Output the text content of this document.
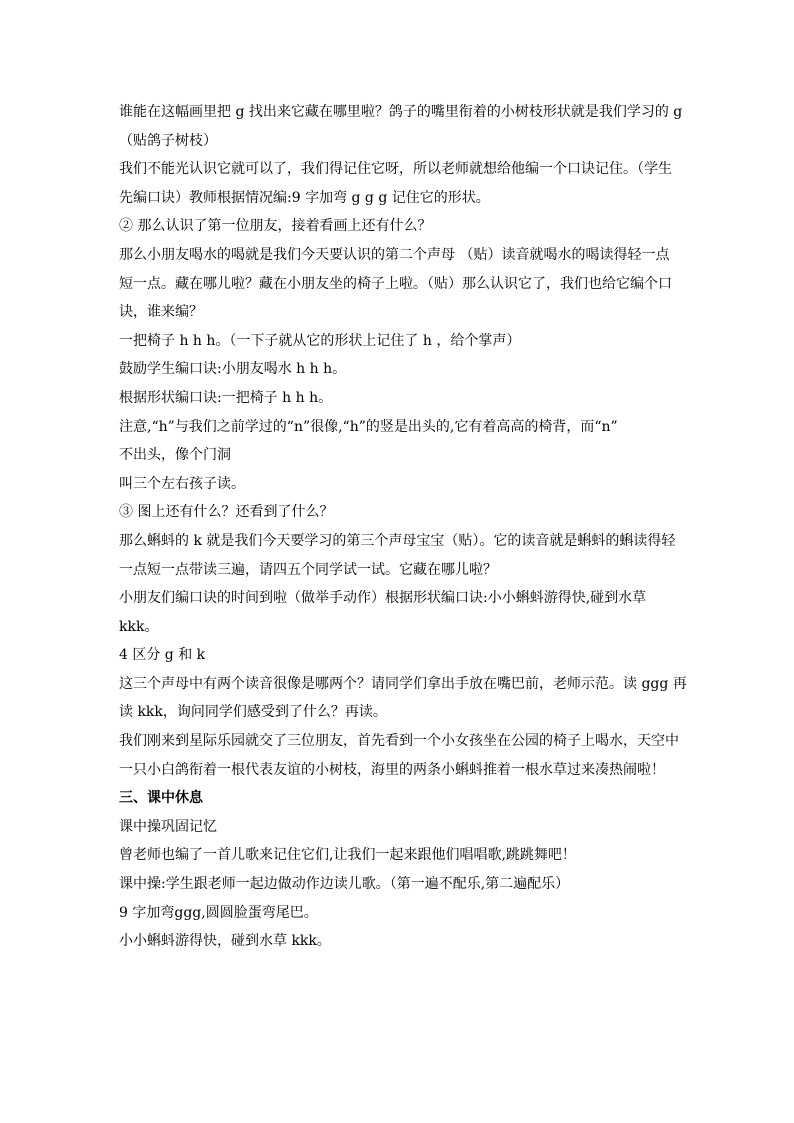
谁能在这幅画里把 g 找出来它藏在哪里啦？鸽子的嘴里衔着的小树枝形状就是我们学习的 g
（贴鸽子树枝）
我们不能光认识它就可以了，我们得记住它呀，所以老师就想给他编一个口诀记住。（学生
先编口诀）教师根据情况编:9 字加弯 g g g 记住它的形状。
② 那么认识了第一位朋友，接着看画上还有什么？
那么小朋友喝水的喝就是我们今天要认识的第二个声母 （贴）读音就喝水的喝读得轻一点
短一点。藏在哪儿啦？藏在小朋友坐的椅子上啦。（贴）那么认识它了，我们也给它编个口
诀，谁来编？
一把椅子 h h h。（一下子就从它的形状上记住了 h ，给个掌声）
鼓励学生编口诀:小朋友喝水 h h h。
根据形状编口诀:一把椅子 h h h。
注意,“h”与我们之前学过的“n”很像,“h”的竖是出头的,它有着高高的椅背，而“n”
不出头，像个门洞
叫三个左右孩子读。
③ 图上还有什么？还看到了什么？
那么蝌蚪的 k 就是我们今天要学习的第三个声母宝宝（贴）。它的读音就是蝌蚪的蝌读得轻
一点短一点带读三遍，请四五个同学试一试。它藏在哪儿啦？
小朋友们编口诀的时间到啦（做举手动作）根据形状编口诀:小小蝌蚪游得快,碰到水草
kkk。
4 区分 g 和 k
这三个声母中有两个读音很像是哪两个？请同学们拿出手放在嘴巴前，老师示范。读 ggg 再
读 kkk，询问同学们感受到了什么？再读。
我们刚来到星际乐园就交了三位朋友，首先看到一个小女孩坐在公园的椅子上喝水，天空中
一只小白鸽衔着一根代表友谊的小树枝，海里的两条小蝌蚪推着一根水草过来凑热闹啦！
三、课中休息
课中操巩固记忆
曾老师也编了一首儿歌来记住它们,让我们一起来跟他们唱唱歌,跳跳舞吧！
课中操:学生跟老师一起边做动作边读儿歌。（第一遍不配乐,第二遍配乐）
9 字加弯ggg,圆圆脸蛋弯尾巴。
小小蝌蚪游得快，碰到水草 kkk。
